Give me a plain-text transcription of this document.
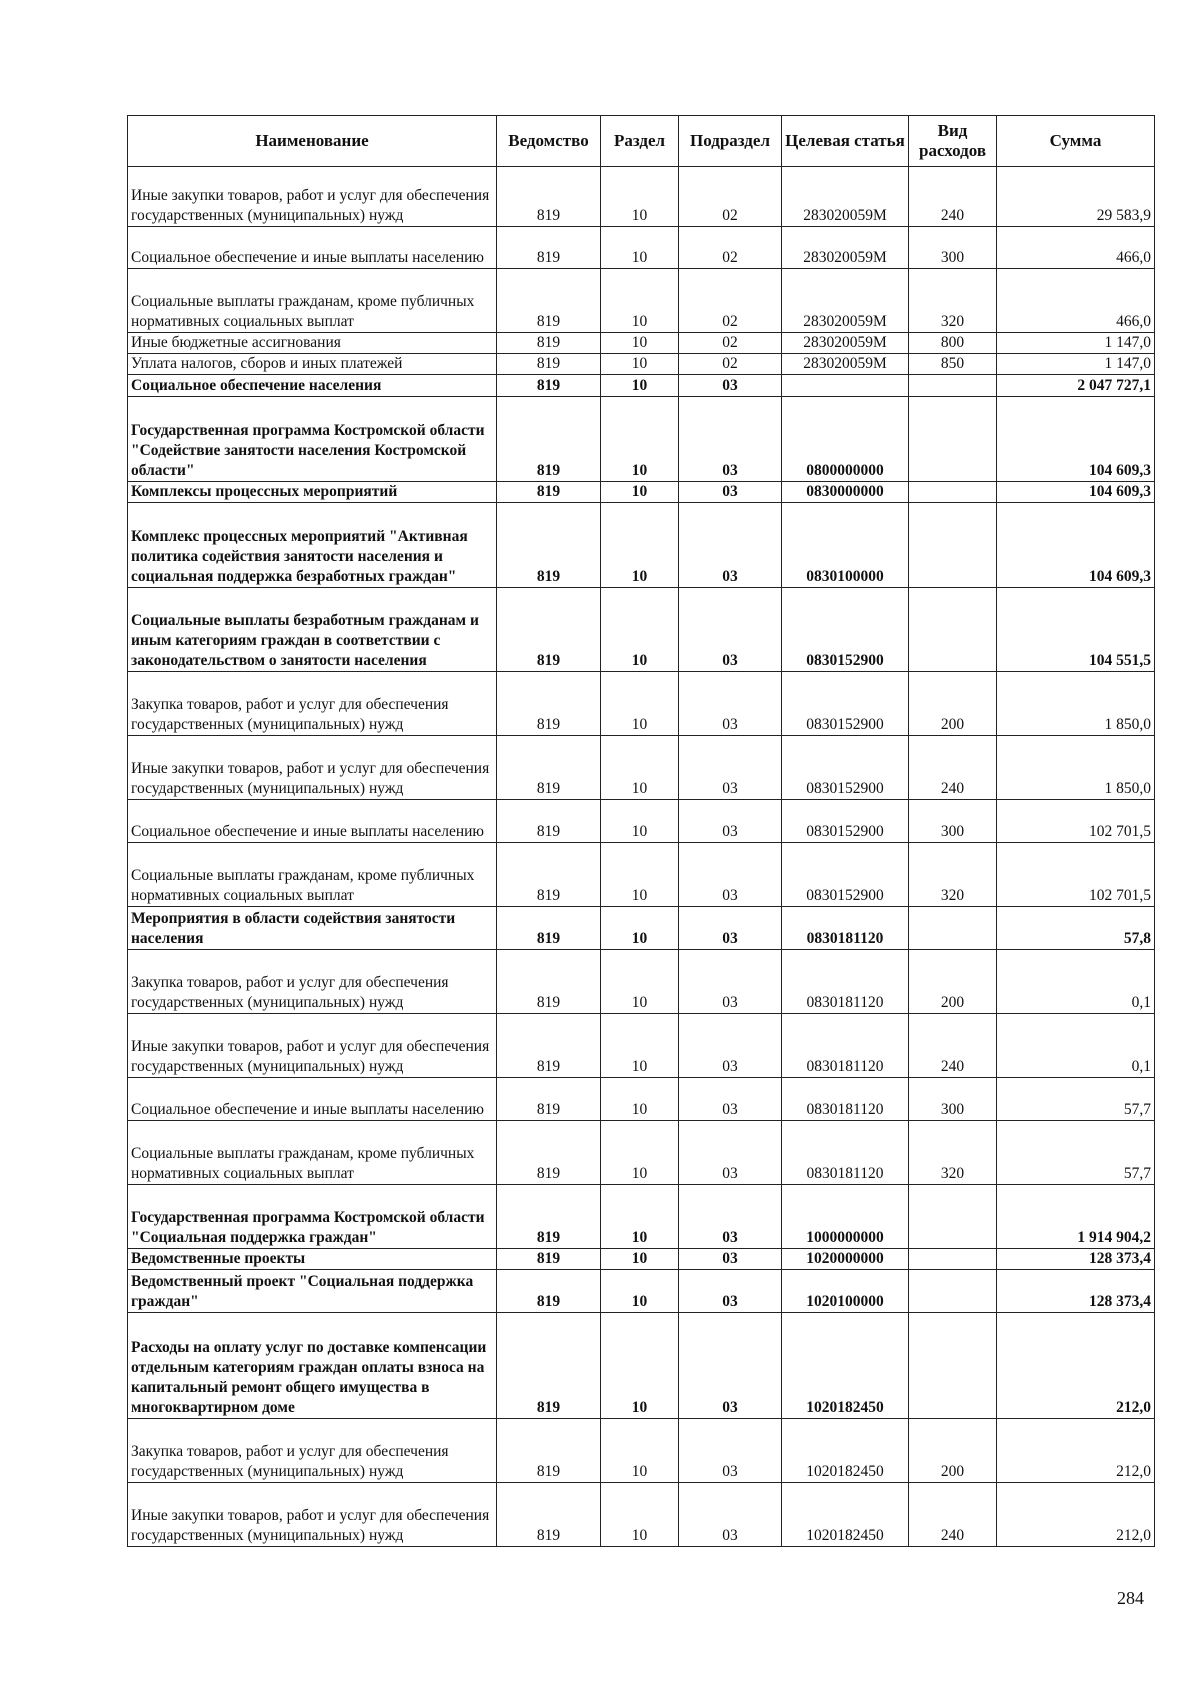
Наименование	Ведомство	Раздел	Подраздел	Целевая статья	Вид расходов	Сумма
Иные закупки товаров, работ и услуг для обеспечения государственных (муниципальных) нужд	819	10	02	283020059М	240	29 583,9
Социальное обеспечение и иные выплаты населению	819	10	02	283020059М	300	466,0
Социальные выплаты гражданам, кроме публичных нормативных социальных выплат	819	10	02	283020059М	320	466,0
Иные бюджетные ассигнования	819	10	02	283020059М	800	1 147,0
Уплата налогов, сборов и иных платежей	819	10	02	283020059М	850	1 147,0
Социальное обеспечение населения	819	10	03			2 047 727,1
Государственная программа Костромской области "Содействие занятости населения Костромской области"	819	10	03	0800000000		104 609,3
Комплексы процессных мероприятий	819	10	03	0830000000		104 609,3
Комплекс процессных мероприятий "Активная политика содействия занятости населения и социальная поддержка безработных граждан"	819	10	03	0830100000		104 609,3
Социальные выплаты безработным гражданам и иным категориям граждан в соответствии с законодательством о занятости населения	819	10	03	0830152900		104 551,5
Закупка товаров, работ и услуг для обеспечения государственных (муниципальных) нужд	819	10	03	0830152900	200	1 850,0
Иные закупки товаров, работ и услуг для обеспечения государственных (муниципальных) нужд	819	10	03	0830152900	240	1 850,0
Социальное обеспечение и иные выплаты населению	819	10	03	0830152900	300	102 701,5
Социальные выплаты гражданам, кроме публичных нормативных социальных выплат	819	10	03	0830152900	320	102 701,5
Мероприятия в области содействия занятости населения	819	10	03	0830181120		57,8
Закупка товаров, работ и услуг для обеспечения государственных (муниципальных) нужд	819	10	03	0830181120	200	0,1
Иные закупки товаров, работ и услуг для обеспечения государственных (муниципальных) нужд	819	10	03	0830181120	240	0,1
Социальное обеспечение и иные выплаты населению	819	10	03	0830181120	300	57,7
Социальные выплаты гражданам, кроме публичных нормативных социальных выплат	819	10	03	0830181120	320	57,7
Государственная программа Костромской области "Социальная поддержка граждан"	819	10	03	1000000000		1 914 904,2
Ведомственные проекты	819	10	03	1020000000		128 373,4
Ведомственный проект "Социальная поддержка граждан"	819	10	03	1020100000		128 373,4
Расходы на оплату услуг по доставке компенсации отдельным категориям граждан оплаты взноса на капитальный ремонт общего имущества в многоквартирном доме	819	10	03	1020182450		212,0
Закупка товаров, работ и услуг для обеспечения государственных (муниципальных) нужд	819	10	03	1020182450	200	212,0
Иные закупки товаров, работ и услуг для обеспечения государственных (муниципальных) нужд	819	10	03	1020182450	240	212,0
284
